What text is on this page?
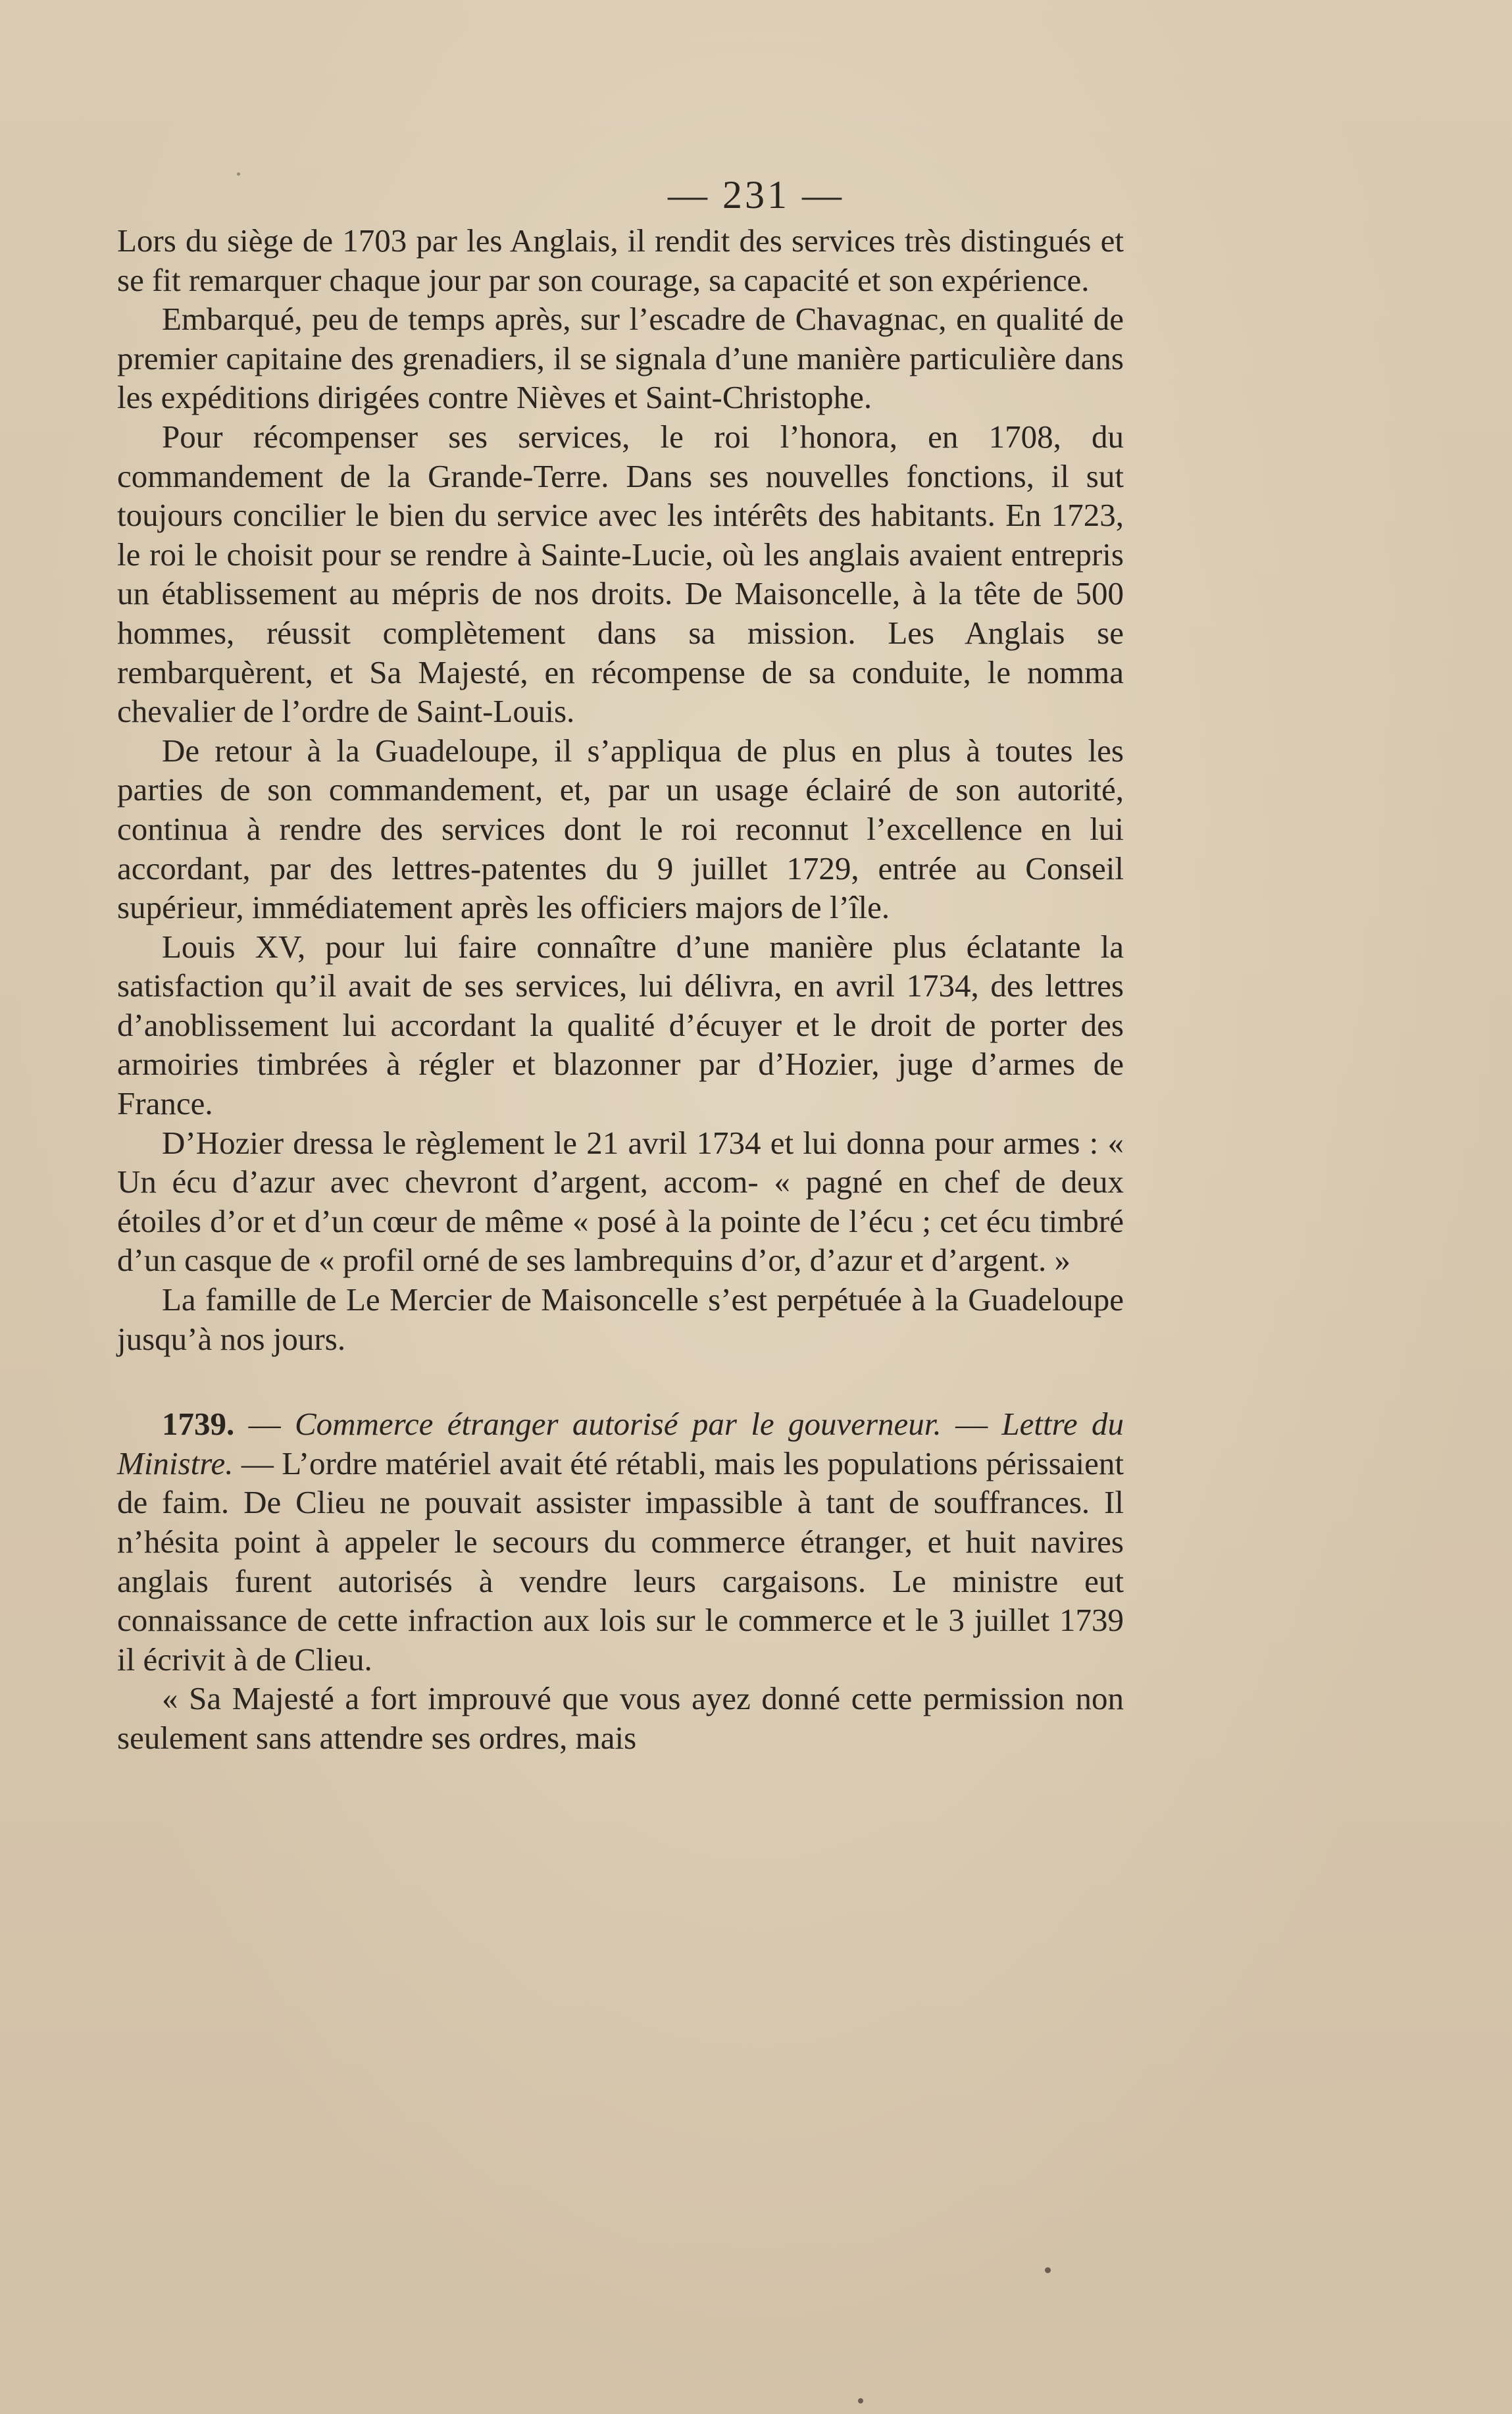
— 231 —

Lors du siège de 1703 par les Anglais, il rendit des services très distingués et se fit remarquer chaque jour par son courage, sa capacité et son expérience.

Embarqué, peu de temps après, sur l’escadre de Chavagnac, en qualité de premier capitaine des grenadiers, il se signala d’une manière particulière dans les expéditions dirigées contre Nièves et Saint-Christophe.

Pour récompenser ses services, le roi l’honora, en 1708, du commandement de la Grande-Terre. Dans ses nouvelles fonctions, il sut toujours concilier le bien du service avec les intérêts des habitants. En 1723, le roi le choisit pour se rendre à Sainte-Lucie, où les anglais avaient entrepris un établissement au mépris de nos droits. De Maisoncelle, à la tête de 500 hommes, réussit complètement dans sa mission. Les Anglais se rembarquèrent, et Sa Majesté, en récompense de sa conduite, le nomma chevalier de l’ordre de Saint-Louis.

De retour à la Guadeloupe, il s’appliqua de plus en plus à toutes les parties de son commandement, et, par un usage éclairé de son autorité, continua à rendre des services dont le roi reconnut l’excellence en lui accordant, par des lettres-patentes du 9 juillet 1729, entrée au Conseil supérieur, immédiatement après les officiers majors de l’île.

Louis XV, pour lui faire connaître d’une manière plus éclatante la satisfaction qu’il avait de ses services, lui délivra, en avril 1734, des lettres d’anoblissement lui accordant la qualité d’écuyer et le droit de porter des armoiries timbrées à régler et blazonner par d’Hozier, juge d’armes de France.

D’Hozier dressa le règlement le 21 avril 1734 et lui donna pour armes : « Un écu d’azur avec chevront d’argent, accom- « pagné en chef de deux étoiles d’or et d’un cœur de même « posé à la pointe de l’écu ; cet écu timbré d’un casque de « profil orné de ses lambrequins d’or, d’azur et d’argent. »

La famille de Le Mercier de Maisoncelle s’est perpétuée à la Guadeloupe jusqu’à nos jours.

1739. — Commerce étranger autorisé par le gouverneur. — Lettre du Ministre. — L’ordre matériel avait été rétabli, mais les populations périssaient de faim. De Clieu ne pouvait assister impassible à tant de souffrances. Il n’hésita point à appeler le secours du commerce étranger, et huit navires anglais furent autorisés à vendre leurs cargaisons. Le ministre eut connaissance de cette infraction aux lois sur le commerce et le 3 juillet 1739 il écrivit à de Clieu.

« Sa Majesté a fort improuvé que vous ayez donné cette permission non seulement sans attendre ses ordres, mais
